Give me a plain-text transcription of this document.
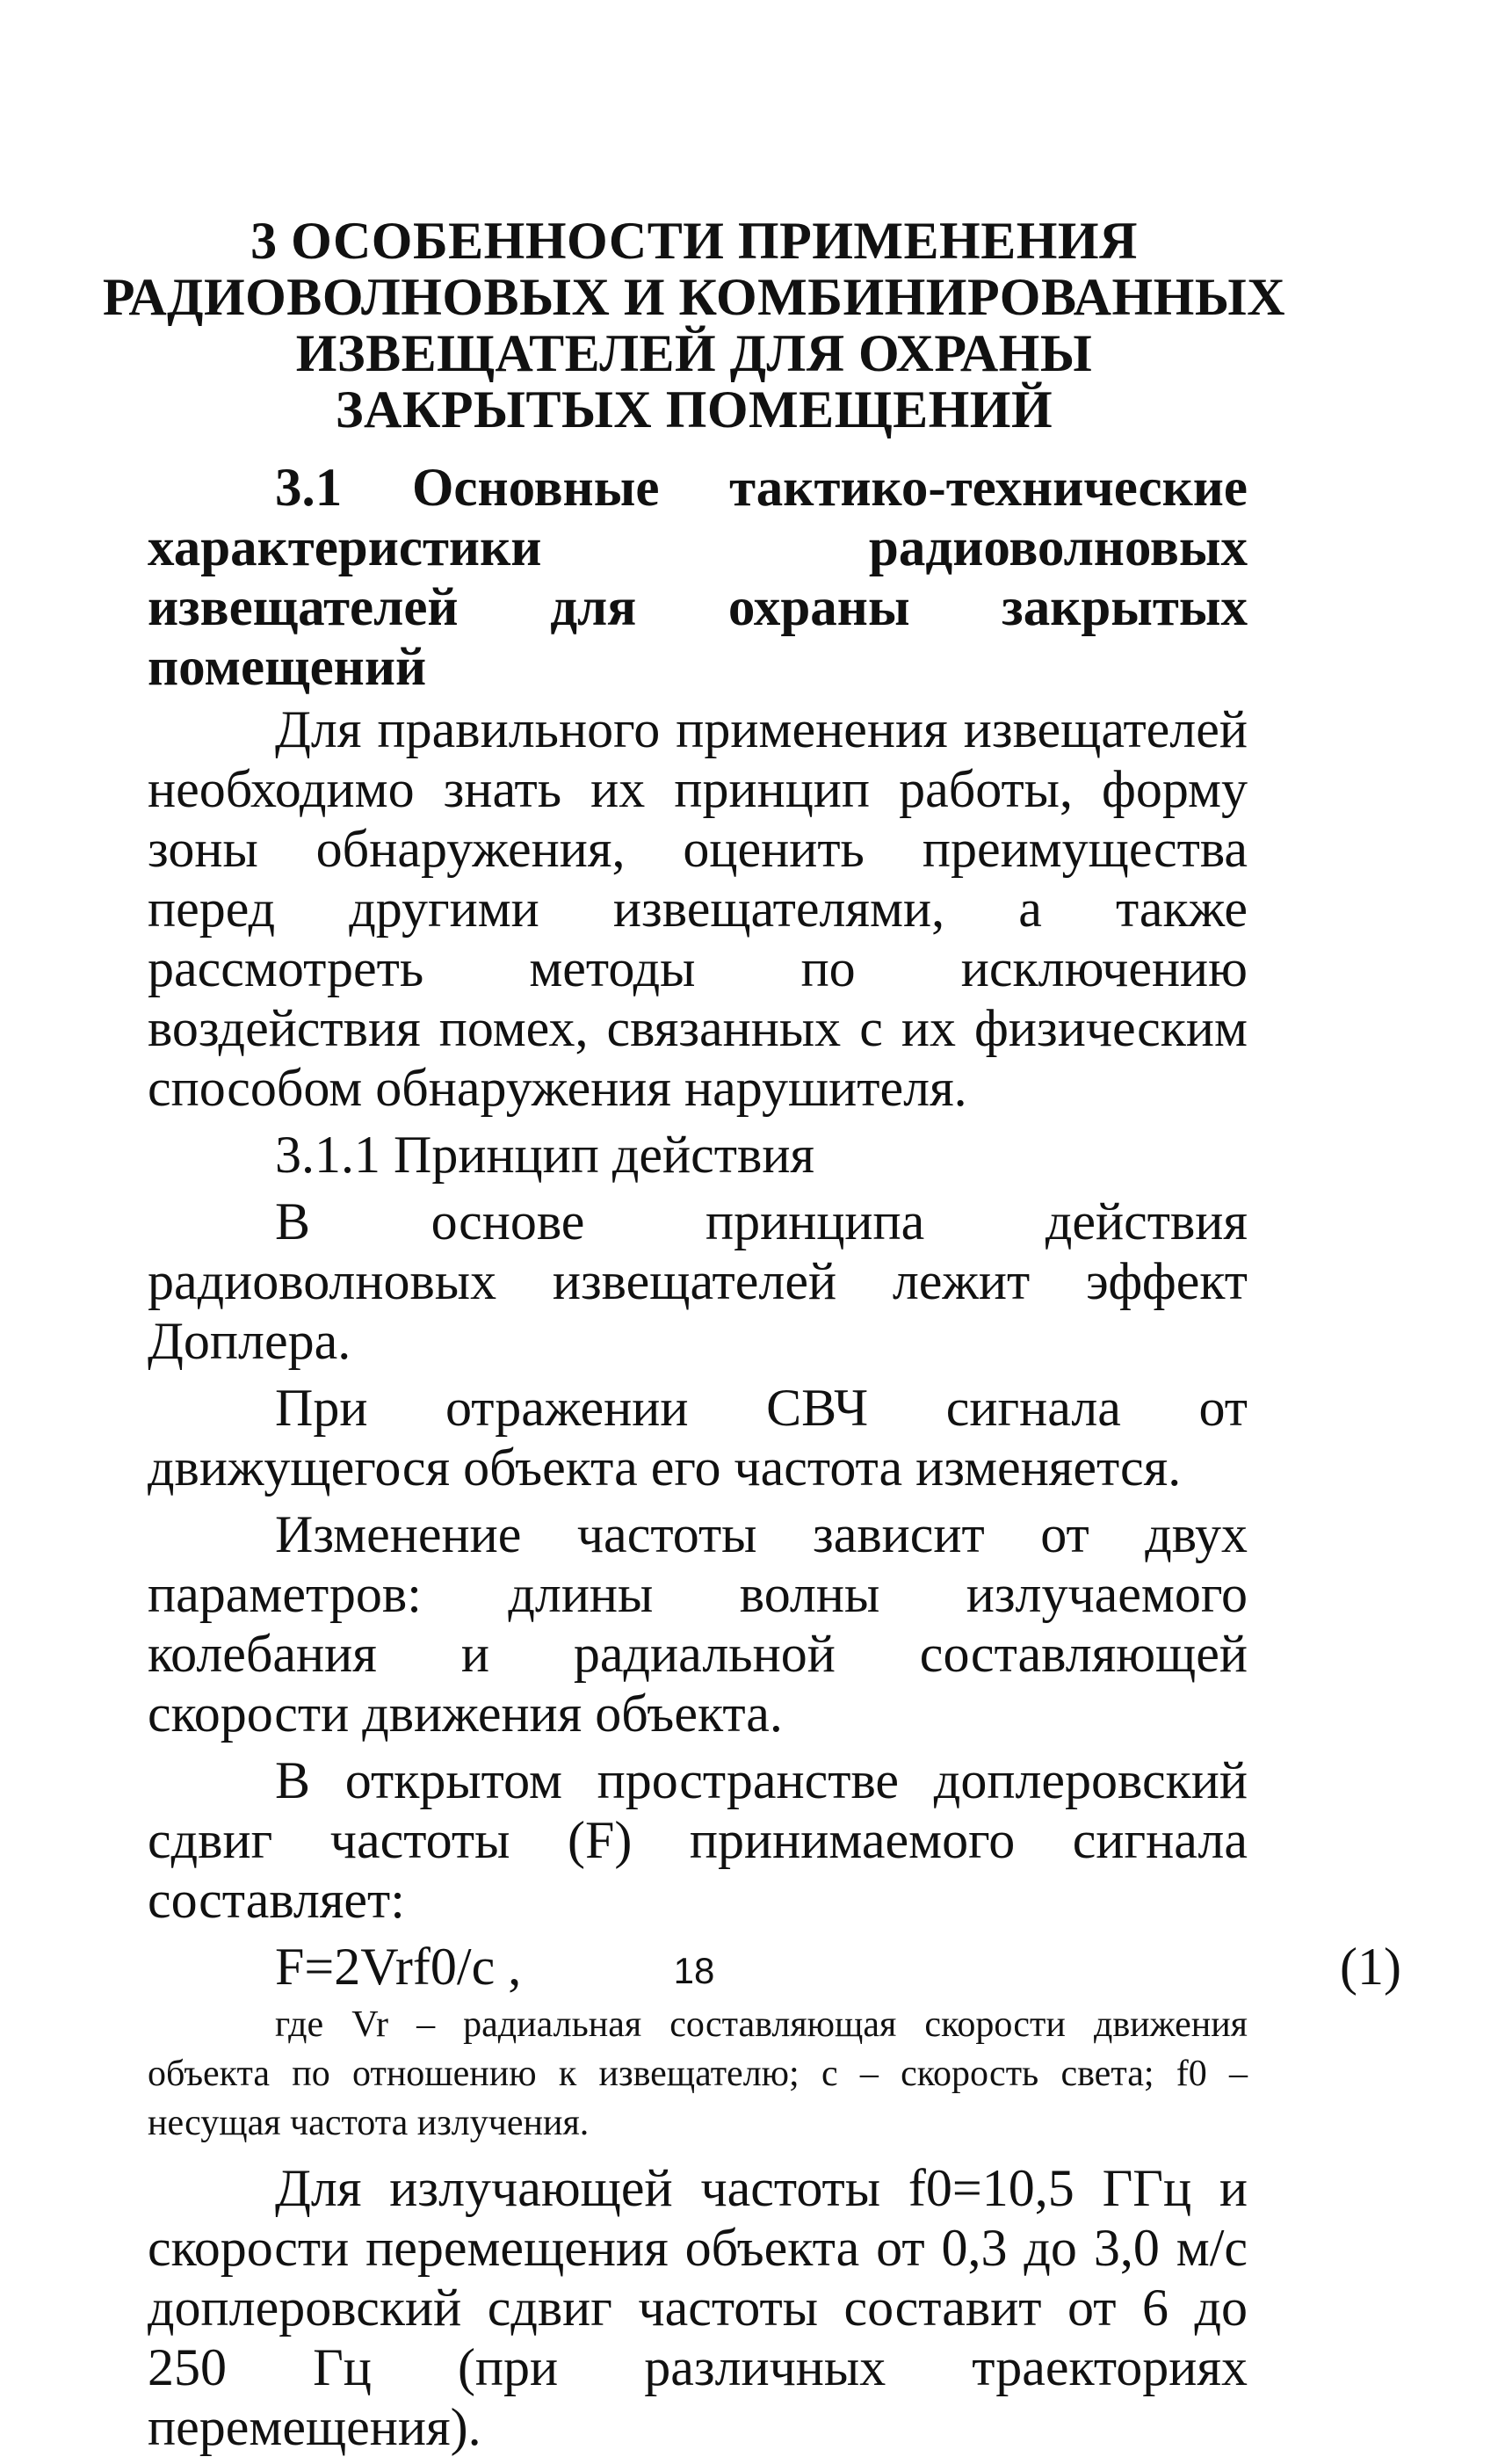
3 ОСОБЕННОСТИ ПРИМЕНЕНИЯ
РАДИОВОЛНОВЫХ И КОМБИНИРОВАННЫХ
ИЗВЕЩАТЕЛЕЙ ДЛЯ ОХРАНЫ
ЗАКРЫТЫХ ПОМЕЩЕНИЙ

3.1 Основные тактико-технические характеристики радиоволновых извещателей для охраны закрытых помещений

Для правильного применения извещателей необходимо знать их принцип работы, форму зоны обнаружения, оценить преимущества перед другими извещателями, а также рассмотреть методы по исключению воздействия помех, связанных с их физическим способом обнаружения нарушителя.

3.1.1 Принцип действия

В основе принципа действия радиоволновых извещателей лежит эффект Доплера.

При отражении СВЧ сигнала от движущегося объекта его частота изменяется.

Изменение частоты зависит от двух параметров: длины волны излучаемого колебания и радиальной составляющей скорости движения объекта.

В открытом пространстве доплеровский сдвиг частоты (F) принимаемого сигнала составляет:

F=2Vrf0/c ,	(1)

где Vr – радиальная составляющая скорости движения объекта по отношению к извещателю; с – скорость света; f0 – несущая частота излучения.

Для излучающей частоты f0=10,5 ГГц и скорости перемещения объекта от 0,3 до 3,0 м/с доплеровский сдвиг частоты составит от 6 до 250 Гц (при различных траекториях перемещения).

18
